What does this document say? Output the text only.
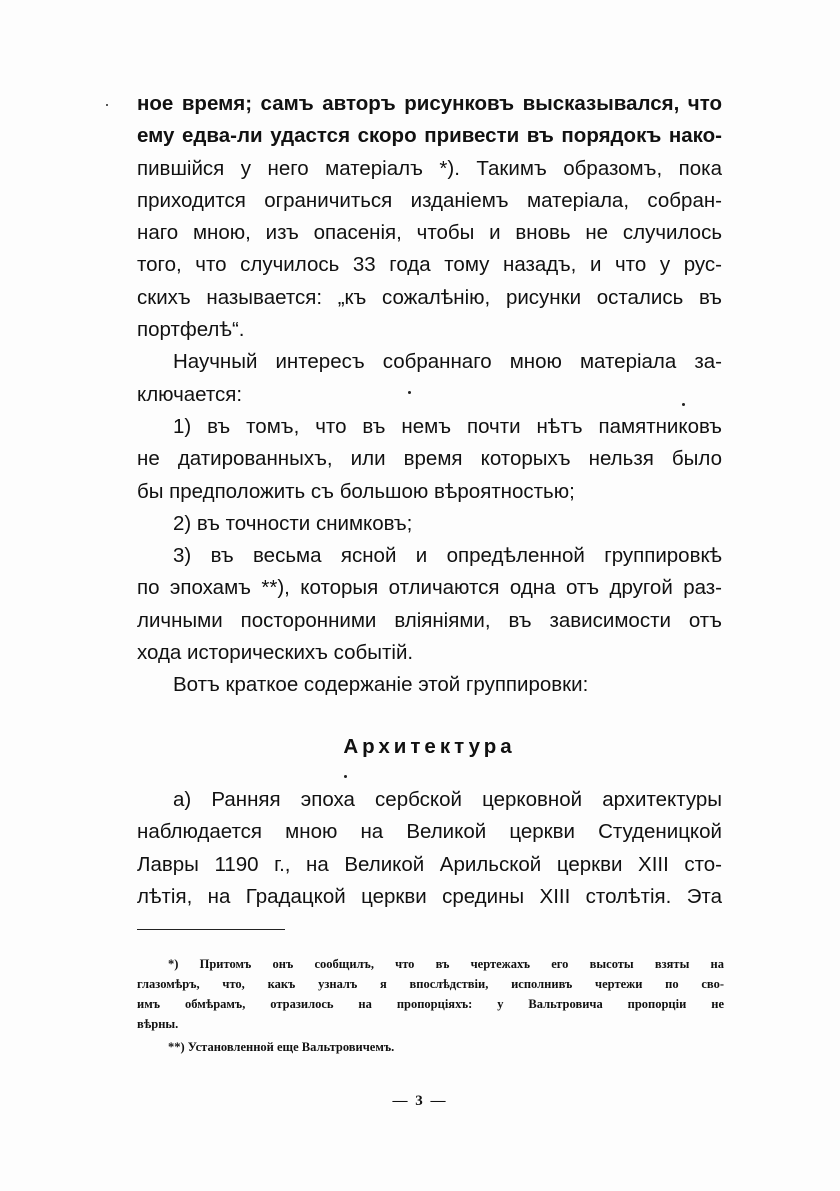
ное время; самъ авторъ рисунковъ высказывался, что
ему едва-ли удастся скоро привести въ порядокъ нако-
пившійся у него матеріалъ *). Такимъ образомъ, пока
приходится ограничиться изданіемъ матеріала, собран-
наго мною, изъ опасенія, чтобы и вновь не случилось
того, что случилось 33 года тому назадъ, и что у рус-
скихъ называется: „къ сожалѣнію, рисунки остались въ
портфелѣ“.
Научный интересъ собраннаго мною матеріала за-
ключается:
1) въ томъ, что въ немъ почти нѣтъ памятниковъ
не датированныхъ, или время которыхъ нельзя было
бы предположить съ большою вѣроятностью;
2) въ точности снимковъ;
3) въ весьма ясной и опредѣленной группировкѣ
по эпохамъ **), которыя отличаются одна отъ другой раз-
личными посторонними вліяніями, въ зависимости отъ
хода историческихъ событій.
Вотъ краткое содержаніе этой группировки:
Архитектура
а) Ранняя эпоха сербской церковной архитектуры
наблюдается мною на Великой церкви Студеницкой
Лавры 1190 г., на Великой Арильской церкви XIII сто-
лѣтія, на Градацкой церкви средины XIII столѣтія. Эта
*) Притомъ онъ сообщилъ, что въ чертежахъ его высоты взяты на
глазомѣръ, что, какъ узналъ я впослѣдствіи, исполнивъ чертежи по сво-
имъ обмѣрамъ, отразилось на пропорціяхъ: у Вальтровича пропорціи не
вѣрны.
**) Установленной еще Вальтровичемъ.
— 3 —
